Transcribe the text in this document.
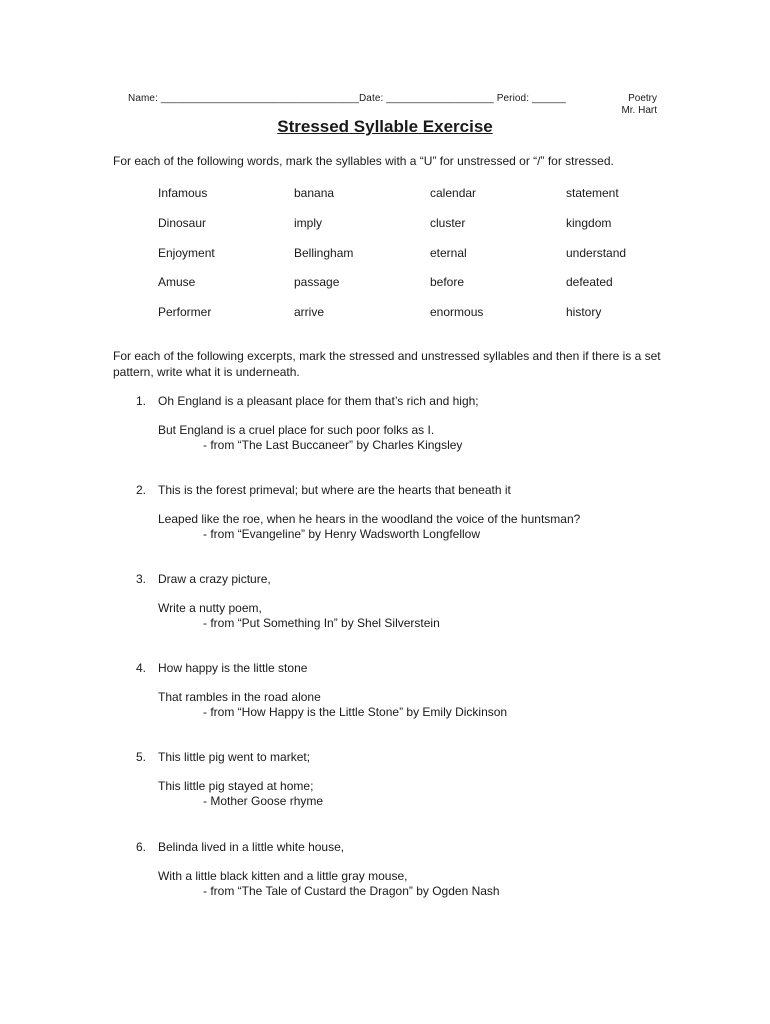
Name: ___________________________________Date: ___________________ Period: ______	Poetry
Mr. Hart
Stressed Syllable Exercise
For each of the following words, mark the syllables with a “U” for unstressed or “/” for stressed.
Infamous	banana	calendar	statement
Dinosaur	imply	cluster	kingdom
Enjoyment	Bellingham	eternal	understand
Amuse	passage	before	defeated
Performer	arrive	enormous	history
For each of the following excerpts, mark the stressed and unstressed syllables and then if there is a set pattern, write what it is underneath.
1. Oh England is a pleasant place for them that’s rich and high;
But England is a cruel place for such poor folks as I.
- from “The Last Buccaneer” by Charles Kingsley
2. This is the forest primeval; but where are the hearts that beneath it
Leaped like the roe, when he hears in the woodland the voice of the huntsman?
- from “Evangeline” by Henry Wadsworth Longfellow
3. Draw a crazy picture,
Write a nutty poem,
- from “Put Something In” by Shel Silverstein
4. How happy is the little stone
That rambles in the road alone
- from “How Happy is the Little Stone” by Emily Dickinson
5. This little pig went to market;
This little pig stayed at home;
- Mother Goose rhyme
6. Belinda lived in a little white house,
With a little black kitten and a little gray mouse,
- from “The Tale of Custard the Dragon” by Ogden Nash
